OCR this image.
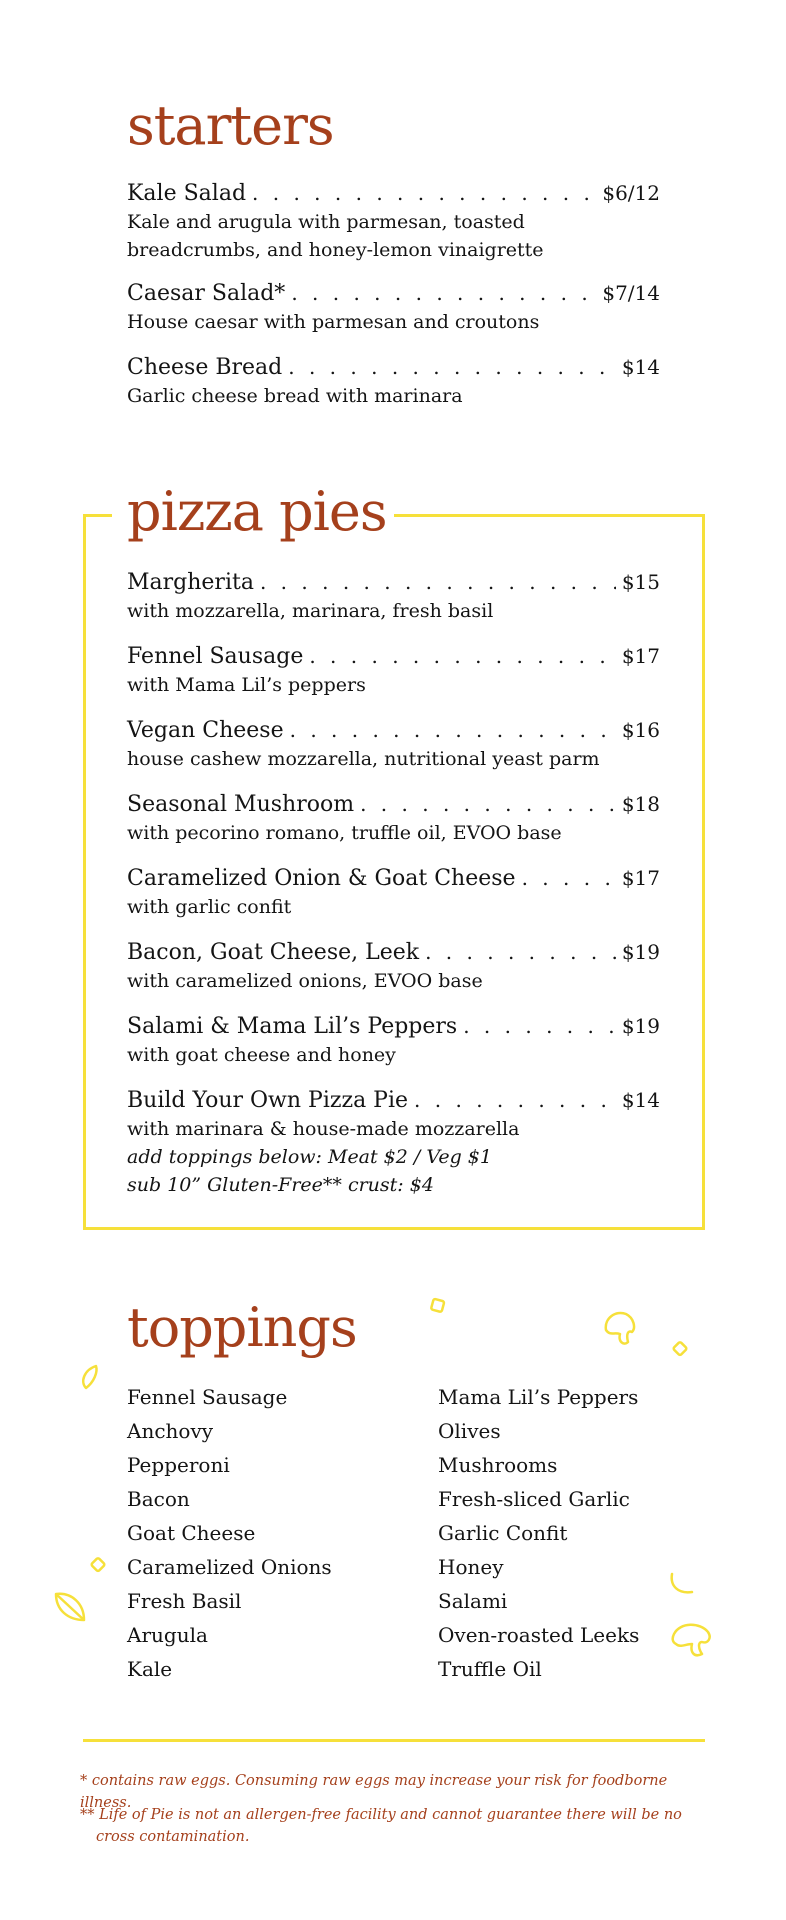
starters
Kale Salad . . .	$6/12
Kale and arugula with parmesan, toasted
breadcrumbs, and honey-lemon vinaigrette
Caesar Salad* . . .	$7/14
House caesar with parmesan and croutons
Cheese Bread . . .	$14
Garlic cheese bread with marinara
pizza pies
Margherita . . .	$15
with mozzarella, marinara, fresh basil
Fennel Sausage . . .	$17
with Mama Lil’s peppers
Vegan Cheese . . .	$16
house cashew mozzarella, nutritional yeast parm
Seasonal Mushroom . . .	$18
with pecorino romano, truffle oil, EVOO base
Caramelized Onion & Goat Cheese . . .	$17
with garlic confit
Bacon, Goat Cheese, Leek . . .	$19
with caramelized onions, EVOO base
Salami & Mama Lil’s Peppers . . .	$19
with goat cheese and honey
Build Your Own Pizza Pie . . .	$14
with marinara & house-made mozzarella
add toppings below: Meat $2 / Veg $1
sub 10” Gluten-Free** crust: $4
toppings
Fennel Sausage
Anchovy
Pepperoni
Bacon
Goat Cheese
Caramelized Onions
Fresh Basil
Arugula
Kale
Mama Lil’s Peppers
Olives
Mushrooms
Fresh-sliced Garlic
Garlic Confit
Honey
Salami
Oven-roasted Leeks
Truffle Oil

* contains raw eggs. Consuming raw eggs may increase your risk for foodborne illness.

** Life of Pie is not an allergen-free facility and cannot guarantee there will be no
cross contamination.
